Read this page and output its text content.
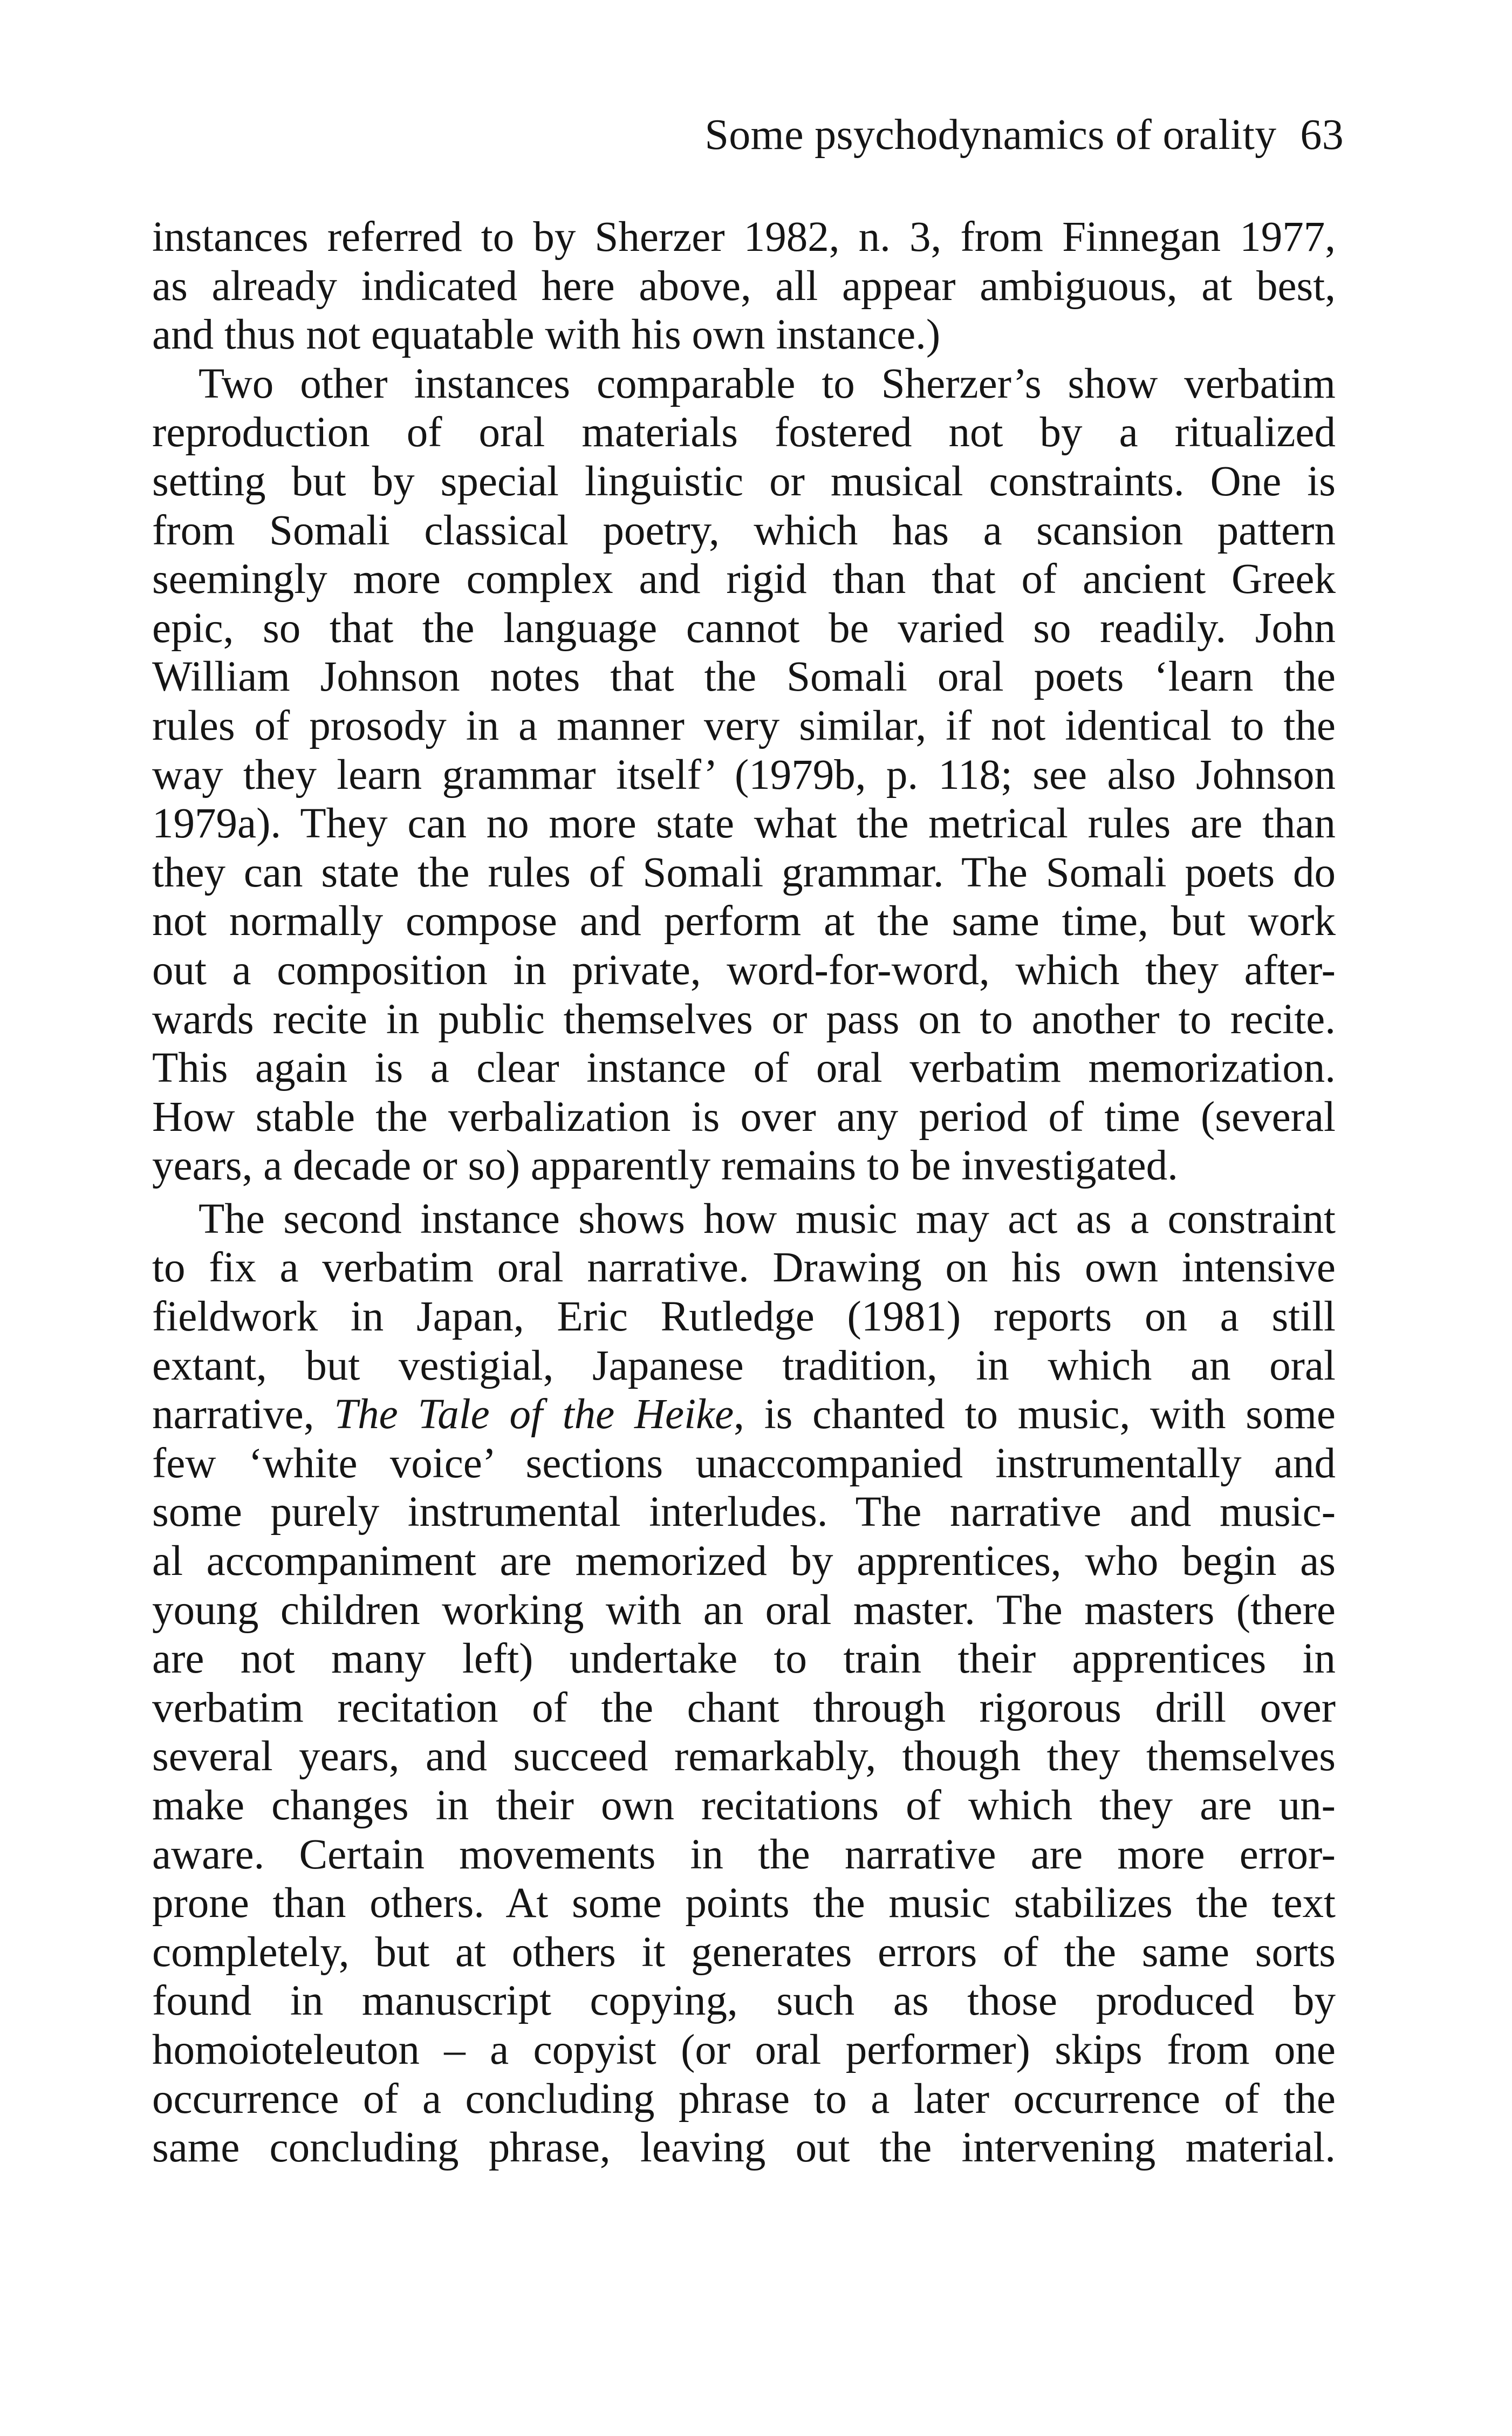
Some psychodynamics of orality 63
instances referred to by Sherzer 1982, n. 3, from Finnegan 1977,
as already indicated here above, all appear ambiguous, at best,
and thus not equatable with his own instance.)
Two other instances comparable to Sherzer’s show verbatim
reproduction of oral materials fostered not by a ritualized
setting but by special linguistic or musical constraints. One is
from Somali classical poetry, which has a scansion pattern
seemingly more complex and rigid than that of ancient Greek
epic, so that the language cannot be varied so readily. John
William Johnson notes that the Somali oral poets ‘learn the
rules of prosody in a manner very similar, if not identical to the
way they learn grammar itself’ (1979b, p. 118; see also Johnson
1979a). They can no more state what the metrical rules are than
they can state the rules of Somali grammar. The Somali poets do
not normally compose and perform at the same time, but work
out a composition in private, word-for-word, which they after-
wards recite in public themselves or pass on to another to recite.
This again is a clear instance of oral verbatim memorization.
How stable the verbalization is over any period of time (several
years, a decade or so) apparently remains to be investigated.
The second instance shows how music may act as a constraint
to fix a verbatim oral narrative. Drawing on his own intensive
fieldwork in Japan, Eric Rutledge (1981) reports on a still
extant, but vestigial, Japanese tradition, in which an oral
narrative, The Tale of the Heike, is chanted to music, with some
few ‘white voice’ sections unaccompanied instrumentally and
some purely instrumental interludes. The narrative and music-
al accompaniment are memorized by apprentices, who begin as
young children working with an oral master. The masters (there
are not many left) undertake to train their apprentices in
verbatim recitation of the chant through rigorous drill over
several years, and succeed remarkably, though they themselves
make changes in their own recitations of which they are un-
aware. Certain movements in the narrative are more error-
prone than others. At some points the music stabilizes the text
completely, but at others it generates errors of the same sorts
found in manuscript copying, such as those produced by
homoioteleuton – a copyist (or oral performer) skips from one
occurrence of a concluding phrase to a later occurrence of the
same concluding phrase, leaving out the intervening material.
